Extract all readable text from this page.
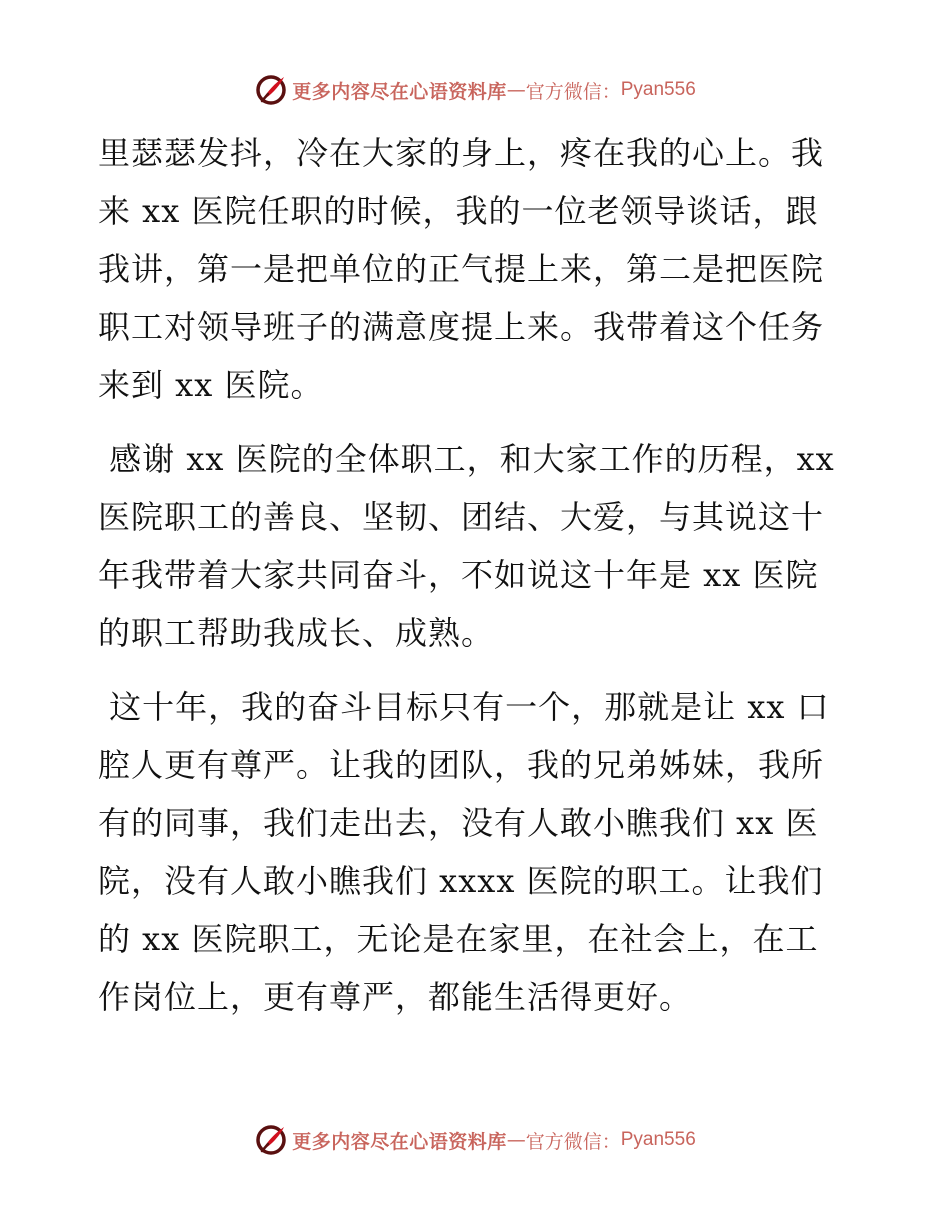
更多内容尽在心语资料库 — 官方微信： Pyan556
里瑟瑟发抖，冷在大家的身上，疼在我的心上。我
来 xx 医院任职的时候，我的一位老领导谈话，跟
我讲，第一是把单位的正气提上来，第二是把医院
职工对领导班子的满意度提上来。我带着这个任务
来到 xx 医院。
感谢 xx 医院的全体职工，和大家工作的历程，xx
医院职工的善良、坚韧、团结、大爱，与其说这十
年我带着大家共同奋斗，不如说这十年是 xx 医院
的职工帮助我成长、成熟。
这十年，我的奋斗目标只有一个，那就是让 xx 口
腔人更有尊严。让我的团队，我的兄弟姊妹，我所
有的同事，我们走出去，没有人敢小瞧我们 xx 医
院，没有人敢小瞧我们 xxxx 医院的职工。让我们
的 xx 医院职工，无论是在家里，在社会上，在工
作岗位上，更有尊严，都能生活得更好。
更多内容尽在心语资料库 — 官方微信： Pyan556
